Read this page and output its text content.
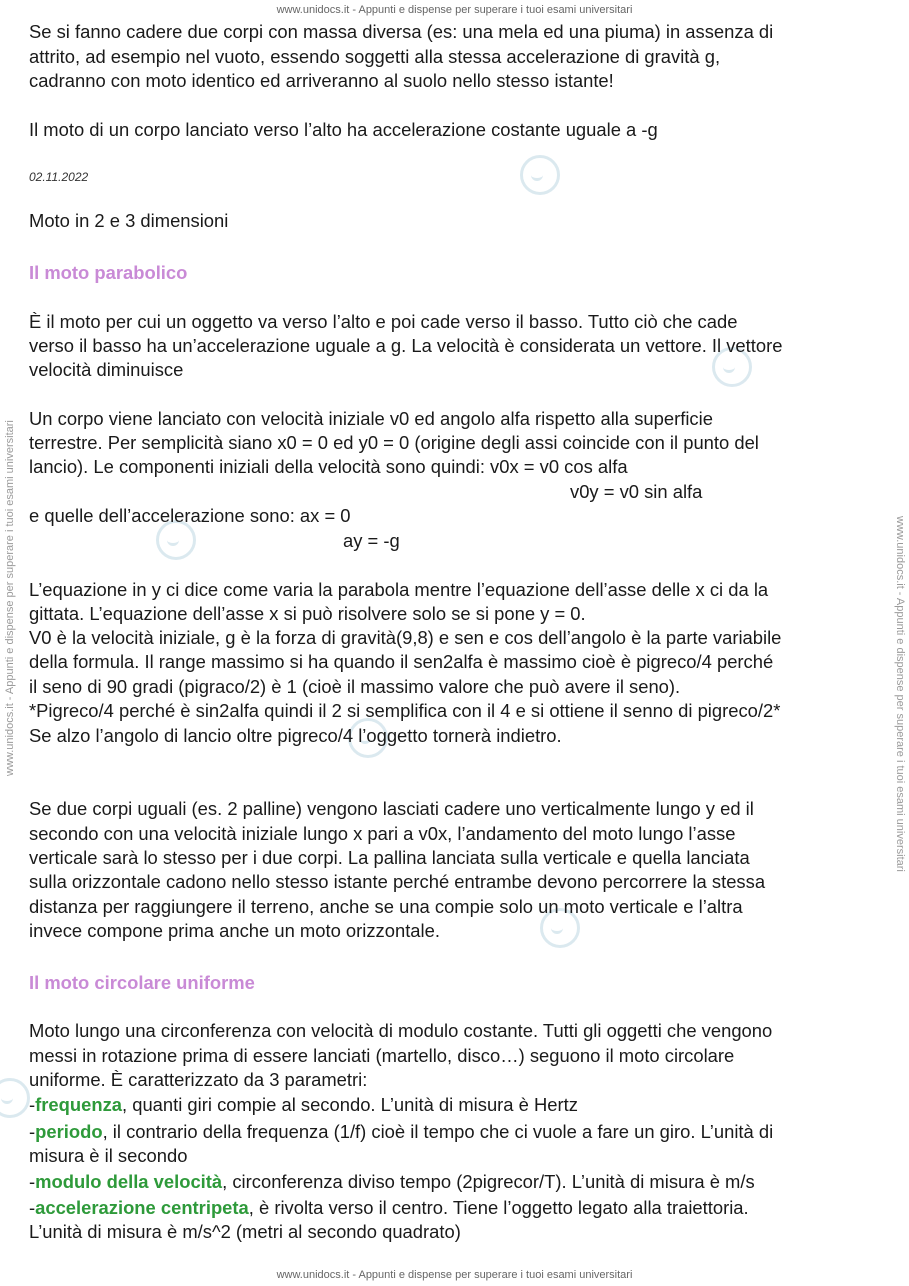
www.unidocs.it - Appunti e dispense per superare i tuoi esami universitari
www.unidocs.it - Appunti e dispense per superare i tuoi esami universitari	www.unidocs.it - Appunti e dispense per superare i tuoi esami universitari
Se si fanno cadere due corpi con massa diversa (es: una mela ed una piuma) in assenza di
attrito, ad esempio nel vuoto, essendo soggetti alla stessa accelerazione di gravità g,
cadranno con moto identico ed arriveranno al suolo nello stesso istante!
Il moto di un corpo lanciato verso l’alto ha accelerazione costante uguale a -g
02.11.2022
Moto in 2 e 3 dimensioni
Il moto parabolico
È il moto per cui un oggetto va verso l’alto e poi cade verso il basso. Tutto ciò che cade
verso il basso ha un’accelerazione uguale a g. La velocità è considerata un vettore. Il vettore
velocità diminuisce
Un corpo viene lanciato con velocità iniziale v0 ed angolo alfa rispetto alla superficie
terrestre. Per semplicità siano x0 = 0 ed y0 = 0 (origine degli assi coincide con il punto del
lancio). Le componenti iniziali della velocità sono quindi: v0x = v0 cos alfa
v0y = v0 sin alfa
e quelle dell’accelerazione sono: ax = 0
ay = -g
L’equazione in y ci dice come varia la parabola mentre l’equazione dell’asse delle x ci da la
gittata. L’equazione dell’asse x si può risolvere solo se si pone y = 0.
V0 è la velocità iniziale, g è la forza di gravità(9,8) e sen e cos dell’angolo è la parte variabile
della formula. Il range massimo si ha quando il sen2alfa è massimo cioè è pigreco/4 perché
il seno di 90 gradi (pigraco/2) è 1 (cioè il massimo valore che può avere il seno).
*Pigreco/4 perché è sin2alfa quindi il 2 si semplifica con il 4 e si ottiene il senno di pigreco/2*
Se alzo l’angolo di lancio oltre pigreco/4 l’oggetto tornerà indietro.
Se due corpi uguali (es. 2 palline) vengono lasciati cadere uno verticalmente lungo y ed il
secondo con una velocità iniziale lungo x pari a v0x, l’andamento del moto lungo l’asse
verticale sarà lo stesso per i due corpi. La pallina lanciata sulla verticale e quella lanciata
sulla orizzontale cadono nello stesso istante perché entrambe devono percorrere la stessa
distanza per raggiungere il terreno, anche se una compie solo un moto verticale e l’altra
invece compone prima anche un moto orizzontale.
Il moto circolare uniforme
Moto lungo una circonferenza con velocità di modulo costante. Tutti gli oggetti che vengono
messi in rotazione prima di essere lanciati (martello, disco…) seguono il moto circolare
uniforme. È caratterizzato da 3 parametri:
-frequenza, quanti giri compie al secondo. L’unità di misura è Hertz
-periodo, il contrario della frequenza (1/f) cioè il tempo che ci vuole a fare un giro. L’unità di
misura è il secondo
-modulo della velocità, circonferenza diviso tempo (2pigrecor/T). L’unità di misura è m/s
-accelerazione centripeta, è rivolta verso il centro. Tiene l’oggetto legato alla traiettoria.
L’unità di misura è m/s^2 (metri al secondo quadrato)
www.unidocs.it - Appunti e dispense per superare i tuoi esami universitari
